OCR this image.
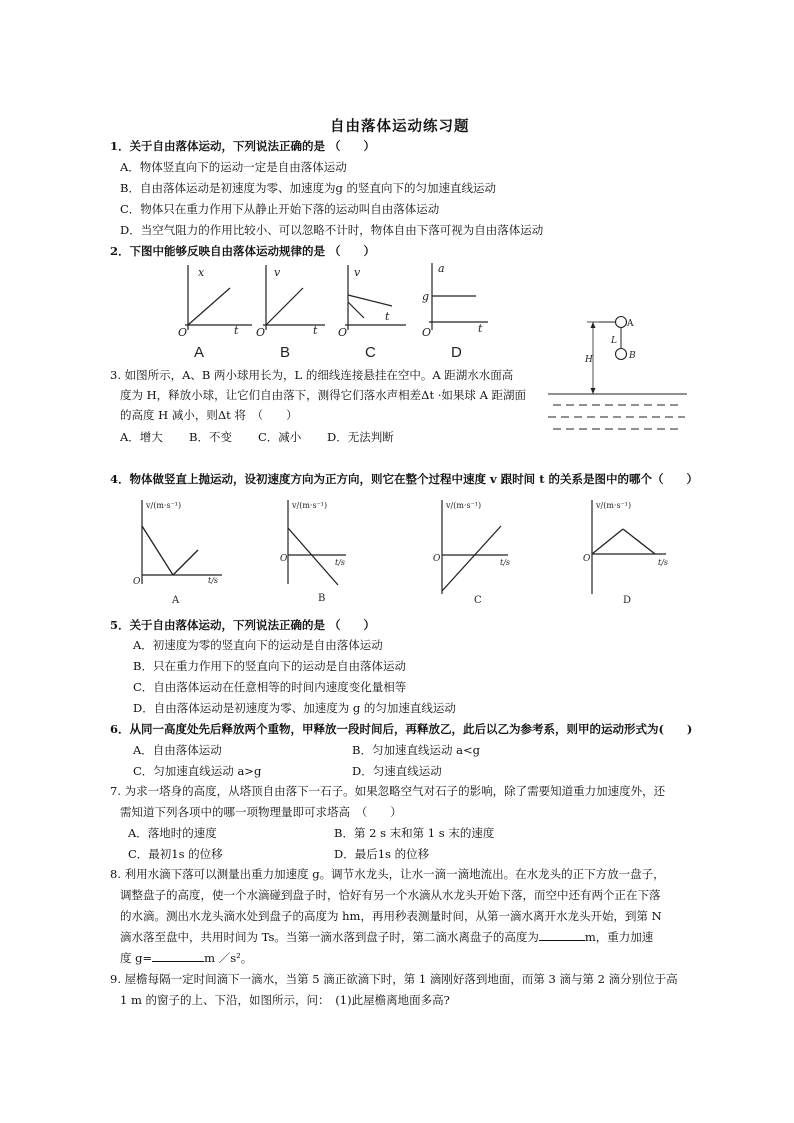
自由落体运动练习题
1．关于自由落体运动，下列说法正确的是 （　　）
A．物体竖直向下的运动一定是自由落体运动
B．自由落体运动是初速度为零、加速度为g 的竖直向下的匀加速直线运动
C．物体只在重力作用下从静止开始下落的运动叫自由落体运动
D．当空气阻力的作用比较小、可以忽略不计时，物体自由下落可视为自由落体运动
2．下图中能够反映自由落体运动规律的是 （　　）
x
t
O
A
v
t
O
B
v
t
O
C
a
g
t
O
D
A
L
B
H
3. 如图所示，A、B 两小球用长为，L 的细线连接悬挂在空中。A 距湖水水面高
度为 H，释放小球，让它们自由落下，测得它们落水声相差Δt ·如果球 A 距湖面
的高度 H 减小，则Δt 将　（　　）
A．增大 B．不变 C．减小 D．无法判断
4．物体做竖直上抛运动，设初速度方向为正方向，则它在整个过程中速度 v 跟时间 t 的关系是图中的哪个（　　）
v/(m·s⁻¹)
t/s
O
A
v/(m·s⁻¹)
t/s
O
B
v/(m·s⁻¹)
t/s
O
C
v/(m·s⁻¹)
t/s
O
D
5．关于自由落体运动，下列说法正确的是 （　　）
A．初速度为零的竖直向下的运动是自由落体运动
B．只在重力作用下的竖直向下的运动是自由落体运动
C．自由落体运动在任意相等的时间内速度变化量相等
D．自由落体运动是初速度为零、加速度为 g 的匀加速直线运动
6．从同一高度处先后释放两个重物，甲释放一段时间后，再释放乙，此后以乙为参考系，则甲的运动形式为(　　)
A．自由落体运动	B．匀加速直线运动 a<g
C．匀加速直线运动 a>g	D．匀速直线运动
7. 为求一塔身的高度，从塔顶自由落下一石子。如果忽略空气对石子的影响，除了需要知道重力加速度外，还
需知道下列各项中的哪一项物理量即可求塔高　（　　）
A．落地时的速度	B．第 2 s 末和第 1 s 末的速度
C．最初1s 的位移	D．最后1s 的位移
8. 利用水滴下落可以测量出重力加速度 g。调节水龙头，让水一滴一滴地流出。在水龙头的正下方放一盘子，
调整盘子的高度，使一个水滴碰到盘子时，恰好有另一个水滴从水龙头开始下落，而空中还有两个正在下落
的水滴。测出水龙头滴水处到盘子的高度为 hm，再用秒表测量时间，从第一滴水离开水龙头开始，到第 N
滴水落至盘中，共用时间为 Ts。当第一滴水落到盘子时，第二滴水离盘子的高度为	m，重力加速
度 g=	m ／s²。
9. 屋檐每隔一定时间滴下一滴水，当第 5 滴正欲滴下时，第 1 滴刚好落到地面，而第 3 滴与第 2 滴分别位于高
1 m 的窗子的上、下沿，如图所示，问：　(1)此屋檐离地面多高?
